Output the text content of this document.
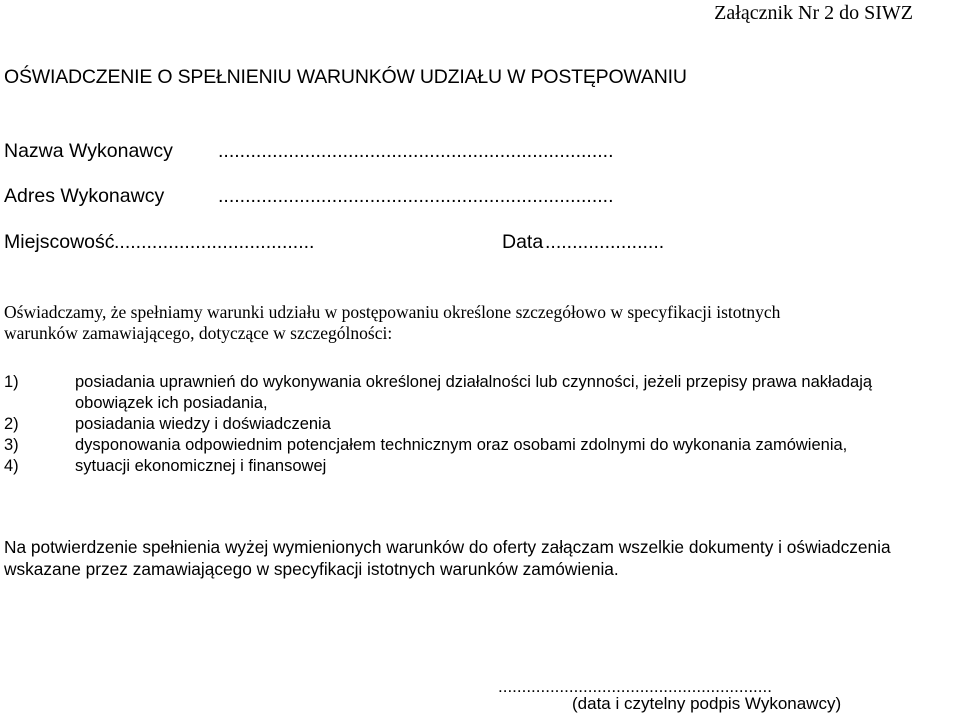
Załącznik Nr 2 do SIWZ
OŚWIADCZENIE O SPEŁNIENIU WARUNKÓW UDZIAŁU W POSTĘPOWANIU
Nazwa Wykonawcy .........................................................................
Adres Wykonawcy	.........................................................................
Miejscowość .....................................	Data ......................
Oświadczamy, że spełniamy warunki udziału w postępowaniu określone szczegółowo w specyfikacji istotnych
warunków zamawiającego, dotyczące w szczególności:
1)	posiadania uprawnień do wykonywania określonej działalności lub czynności, jeżeli przepisy prawa nakładają
obowiązek ich posiadania,
2)	posiadania wiedzy i doświadczenia
3)	dysponowania odpowiednim potencjałem technicznym oraz osobami zdolnymi do wykonania zamówienia,
4)	sytuacji ekonomicznej i finansowej
Na potwierdzenie spełnienia wyżej wymienionych warunków do oferty załączam wszelkie dokumenty i oświadczenia
wskazane przez zamawiającego w specyfikacji istotnych warunków zamówienia.
..........................................................
(data i czytelny podpis Wykonawcy)
